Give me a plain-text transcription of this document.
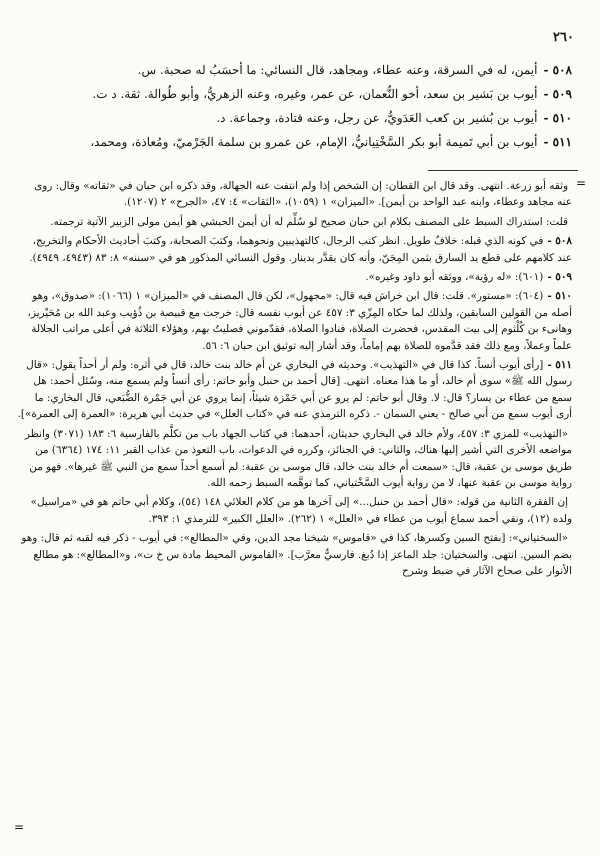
٢٦٠
٥٠٨ -أيمن، له في السرقة، وعنه عطاء، ومجاهد، قال النسائي: ما أحسَبُ له صحبة. س.
٥٠٩ -أيوب بن بَشير بن سعد، أخو النُّعمان، عن عمر، وغيره، وعنه الزهريُّ، وأبو طُوالة. ثقة. د ت.
٥١٠ -أيوب بن بُشير بن كعب العَدَويُّ، عن رجل، وعنه قتادة، وجماعة. د.
٥١١ -أيوب بن أبي تَميمة أبو بكر السَّخْتِيانيُّ، الإمام، عن عمرو بن سلمة الجَرْميّ، ومُعاذة، ومحمد،
=

وثقه أبو زرعة. انتهى. وقد قال ابن القطان: إن الشخص إذا ولم انتفت عنه الجهالة، وقد ذكره ابن حبان في «ثقاته» وقال: روى عنه مجاهد وعطاء، وابنه عبد الواحد بن أيمن]. «الميزان» ١ (١٠٥٩)، «الثقات» ٤: ٤٧، «الجرح» ٢ (١٢٠٧).

قلت: استدراك السبط على المصنف بكلام ابن حبان صحيح لو سُلِّم له أن أيمن الحبشي هو أيمن مولى الزبير الآتية ترجمته.

٥٠٨ -في كونه الذي قبله: خلافٌ طويل. انظر كتب الرجال، كالتهذيبين ونحوهما، وكتبَ الصحابة، وكتبَ أحاديث الأحكام والتخريج، عند كلامهم على قطع يد السارق بثمن المِجَنّ، وأنه كان يقدَّر بدينار. وقول النسائي المذكور هو في «سننه» ٨: ٨٣ (٤٩٤٣، ٤٩٤٩).

٥٠٩ -(٦٠١): «له رؤية»، ووثقه أبو داود وغيره».

٥١٠ -(٦٠٤): «مستور». قلت: قال ابن خراش فيه قال: «مجهول»، لكن قال المصنف في «الميزان» ١ (١٠٦٦): «صدوق»، وهو أصله من القولين السابقين، ولذلك لما حكاه المِزّي ٣: ٤٥٧ عن أيوب نفسه قال: خرجت مع قبيصة بن ذُؤيب وعبد الله بن مُحَيْريز، وهانىء بن كُلْثوم إلى بيت المقدس، فحضرت الصلاة، فنادوا الصلاة، فقدّموني فصليتُ بهم، وهؤلاء الثلاثة في أعلى مراتب الجلالة علماً وعملاً، ومع ذلك فقد قدَّموه للصلاة بهم إماماً، وقد أشار إليه توثيق ابن حبان ٦: ٥٦.

٥١١ -[رأى أيوب أنساً. كذا قال في «التهذيب». وحديثه في البخاري عن أم خالد بنت خالد، قال في أثره: ولم أر أحداً يقول: «قال رسول الله ﷺ» سوى أم خالد، أو ما هذا معناه. انتهى. [قال أحمد بن حنبل وأبو حاتم: رأى أنساً ولم يسمع منه، وسُئل أحمد: هل سمع من عطاء بن يسار؟ قال: لا. وقال أبو حاتم: لم يرو عن أبي حَمْزة شيئاً، إنما يروي عن أبي جَمْرة الضُّبَعي، قال البخاري: ما أرى أيوب سمع من أبي صالح - يعني السمان -. ذكره الترمذي عنه في «كتاب العلل» في حديث أبي هريرة: «العمرة إلى العمرة»].

«التهذيب» للمزي ٣: ٤٥٧، ولأم خالد في البخاري حديثان، أحدهما: في كتاب الجهاد باب من تكلَّم بالفارسية ٦: ١٨٣ (٣٠٧١) وانظر مواضعه الأخرى التي أشير إليها هناك، والثاني: في الجنائز، وكرره في الدعوات، باب التعوذ من عذاب القبر ١١: ١٧٤ (٦٣٦٤) من طريق موسى بن عقبة، قال: «سمعت أم خالد بنت خالد، قال موسى بن عقبة: لم أسمع أحداً سمع من النبي ﷺ غيرها». فهو من رواية موسى بن عقبة عنها، لا من رواية أيوب السَّخْتياني، كما توهَّمه السبط رحمه الله.

إن الفقرة الثانية من قوله: «قال أحمد بن حنبل...» إلى آخرها هو من كلام العلائي ١٤٨ (٥٤)، وكلام أبي حاتم هو في «مراسيل» ولده (١٢)، ونفي أحمد سماع أيوب من عطاء في «العلل» ١ (٢٦٢). «العلل الكبير» للترمذي ١: ٣٩٣.

«السختياني»: [بفتح السين وكسرها، كذا في «قاموس» شيخنا مجد الدين، وفي «المطالع»: في أيوب - ذكر فيه لقبه ثم قال: وهو بضم السين. انتهى. والسختيان: جلد الماعز إذا دُبغ. فارسيٌّ معرَّب]. «القاموس المحيط مادة س خ ت»، و«المطالع»: هو مطالع الأنوار على صحاح الآثار في ضبط وشرح

=
